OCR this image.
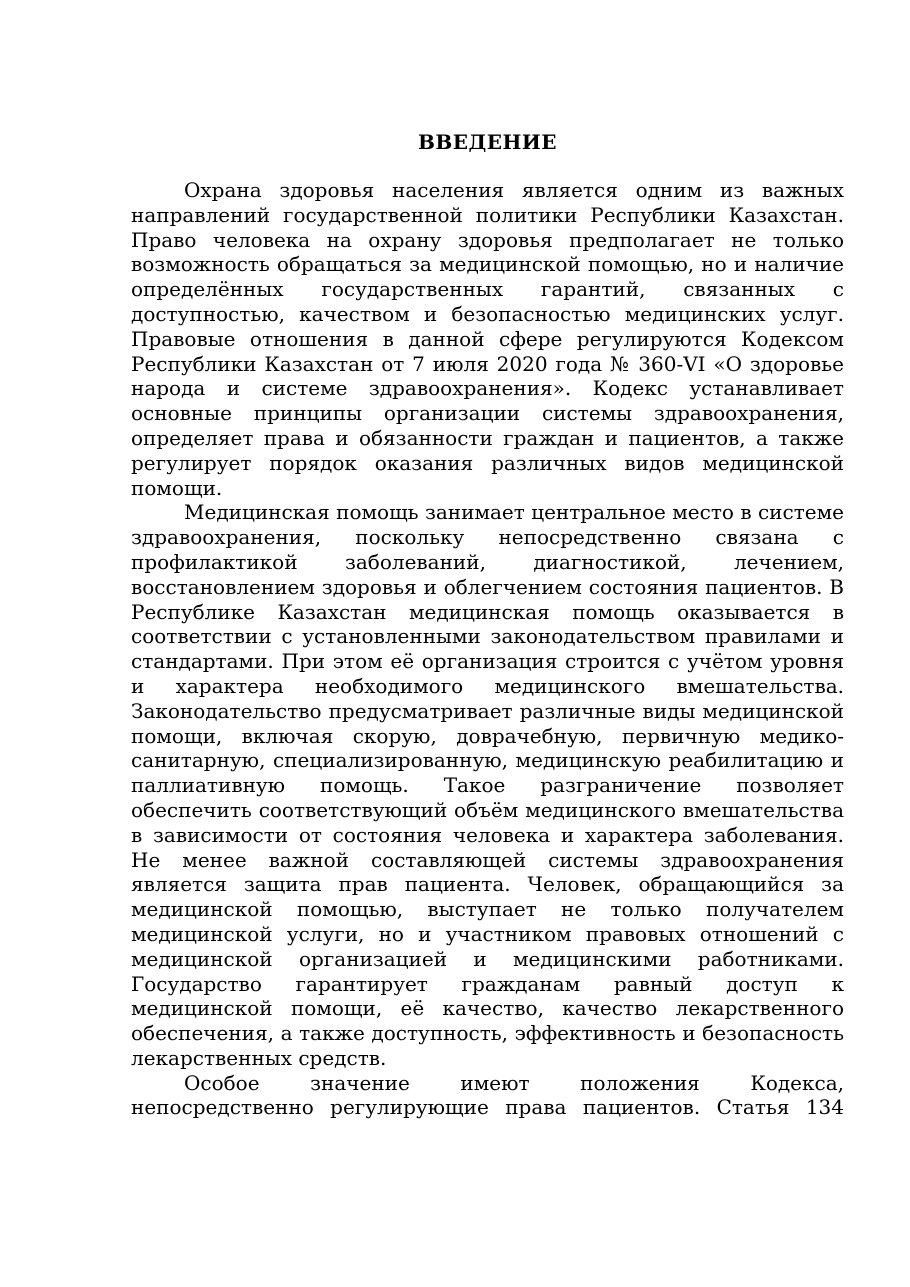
ВВЕДЕНИЕ

Охрана здоровья населения является одним из важных направлений государственной политики Республики Казахстан. Право человека на охрану здоровья предполагает не только возможность обращаться за медицинской помощью, но и наличие определённых государственных гарантий, связанных с доступностью, качеством и безопасностью медицинских услуг. Правовые отношения в данной сфере регулируются Кодексом Республики Казахстан от 7 июля 2020 года № 360-VI «О здоровье народа и системе здравоохранения». Кодекс устанавливает основные принципы организации системы здравоохранения, определяет права и обязанности граждан и пациентов, а также регулирует порядок оказания различных видов медицинской помощи.

Медицинская помощь занимает центральное место в системе здравоохранения, поскольку непосредственно связана с профилактикой заболеваний, диагностикой, лечением, восстановлением здоровья и облегчением состояния пациентов. В Республике Казахстан медицинская помощь оказывается в соответствии с установленными законодательством правилами и стандартами. При этом её организация строится с учётом уровня и характера необходимого медицинского вмешательства. Законодательство предусматривает различные виды медицинской помощи, включая скорую, доврачебную, первичную медико-санитарную, специализированную, медицинскую реабилитацию и паллиативную помощь. Такое разграничение позволяет обеспечить соответствующий объём медицинского вмешательства в зависимости от состояния человека и характера заболевания. Не менее важной составляющей системы здравоохранения является защита прав пациента. Человек, обращающийся за медицинской помощью, выступает не только получателем медицинской услуги, но и участником правовых отношений с медицинской организацией и медицинскими работниками. Государство гарантирует гражданам равный доступ к медицинской помощи, её качество, качество лекарственного обеспечения, а также доступность, эффективность и безопасность лекарственных средств.

Особое значение имеют положения Кодекса, непосредственно регулирующие права пациентов. Статья 134
